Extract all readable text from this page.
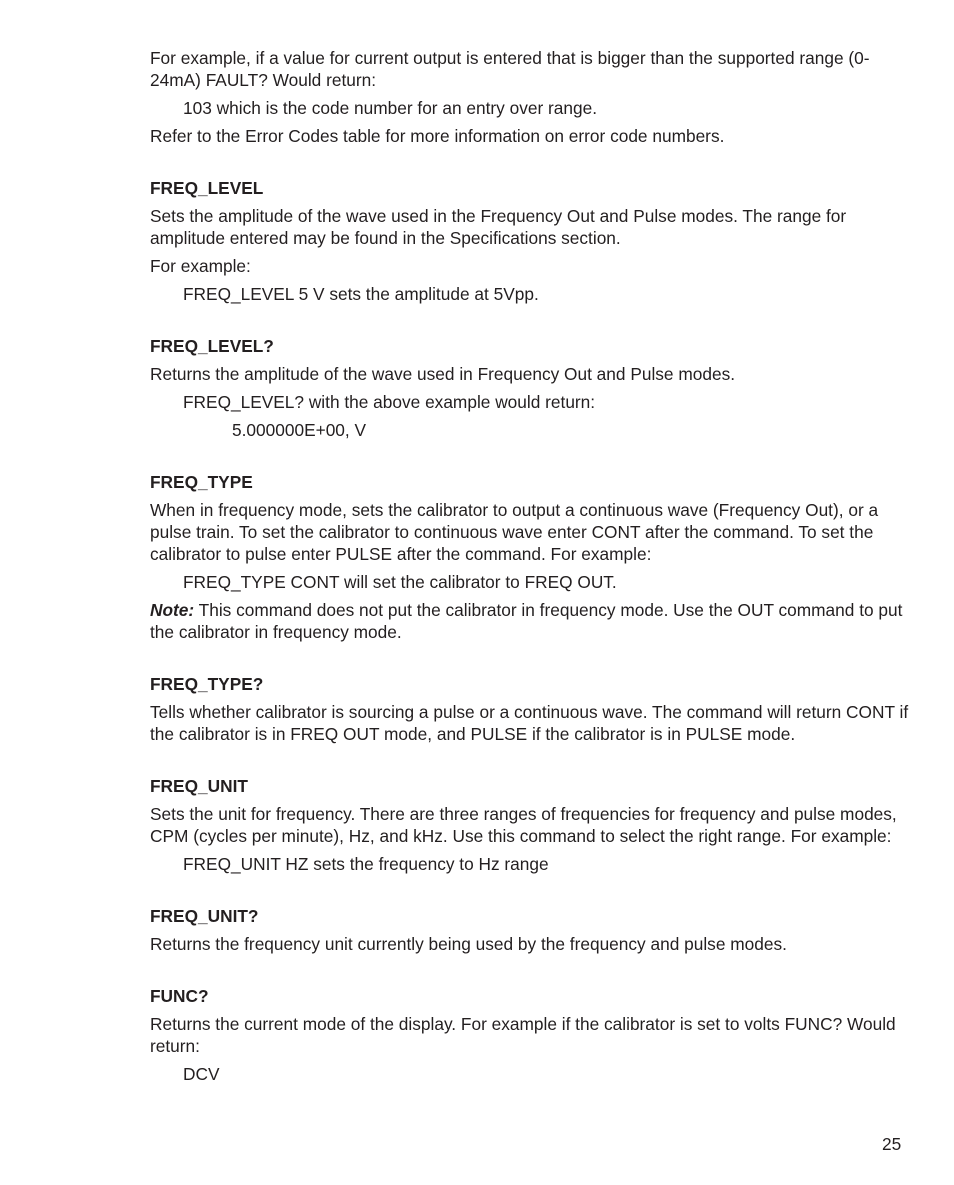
For example, if a value for current output is entered that is bigger than the supported range (0-24mA) FAULT? Would return:

103 which is the code number for an entry over range.

Refer to the Error Codes table for more information on error code numbers.

FREQ_LEVEL

Sets the amplitude of the wave used in the Frequency Out and Pulse modes. The range for amplitude entered may be found in the Specifications section.

For example:

FREQ_LEVEL 5 V sets the amplitude at 5Vpp.

FREQ_LEVEL?

Returns the amplitude of the wave used in Frequency Out and Pulse modes.

FREQ_LEVEL? with the above example would return:

5.000000E+00, V

FREQ_TYPE

When in frequency mode, sets the calibrator to output a continuous wave (Frequency Out), or a pulse train. To set the calibrator to continuous wave enter CONT after the command. To set the calibrator to pulse enter PULSE after the command. For example:

FREQ_TYPE CONT will set the calibrator to FREQ OUT.

Note: This command does not put the calibrator in frequency mode. Use the OUT command to put the calibrator in frequency mode.

FREQ_TYPE?

Tells whether calibrator is sourcing a pulse or a continuous wave. The command will return CONT if the calibrator is in FREQ OUT mode, and PULSE if the calibrator is in PULSE mode.

FREQ_UNIT

Sets the unit for frequency. There are three ranges of frequencies for frequency and pulse modes, CPM (cycles per minute), Hz, and kHz. Use this command to select the right range. For example:

FREQ_UNIT HZ sets the frequency to Hz range

FREQ_UNIT?

Returns the frequency unit currently being used by the frequency and pulse modes.

FUNC?

Returns the current mode of the display. For example if the calibrator is set to volts FUNC? Would return:

DCV

25
